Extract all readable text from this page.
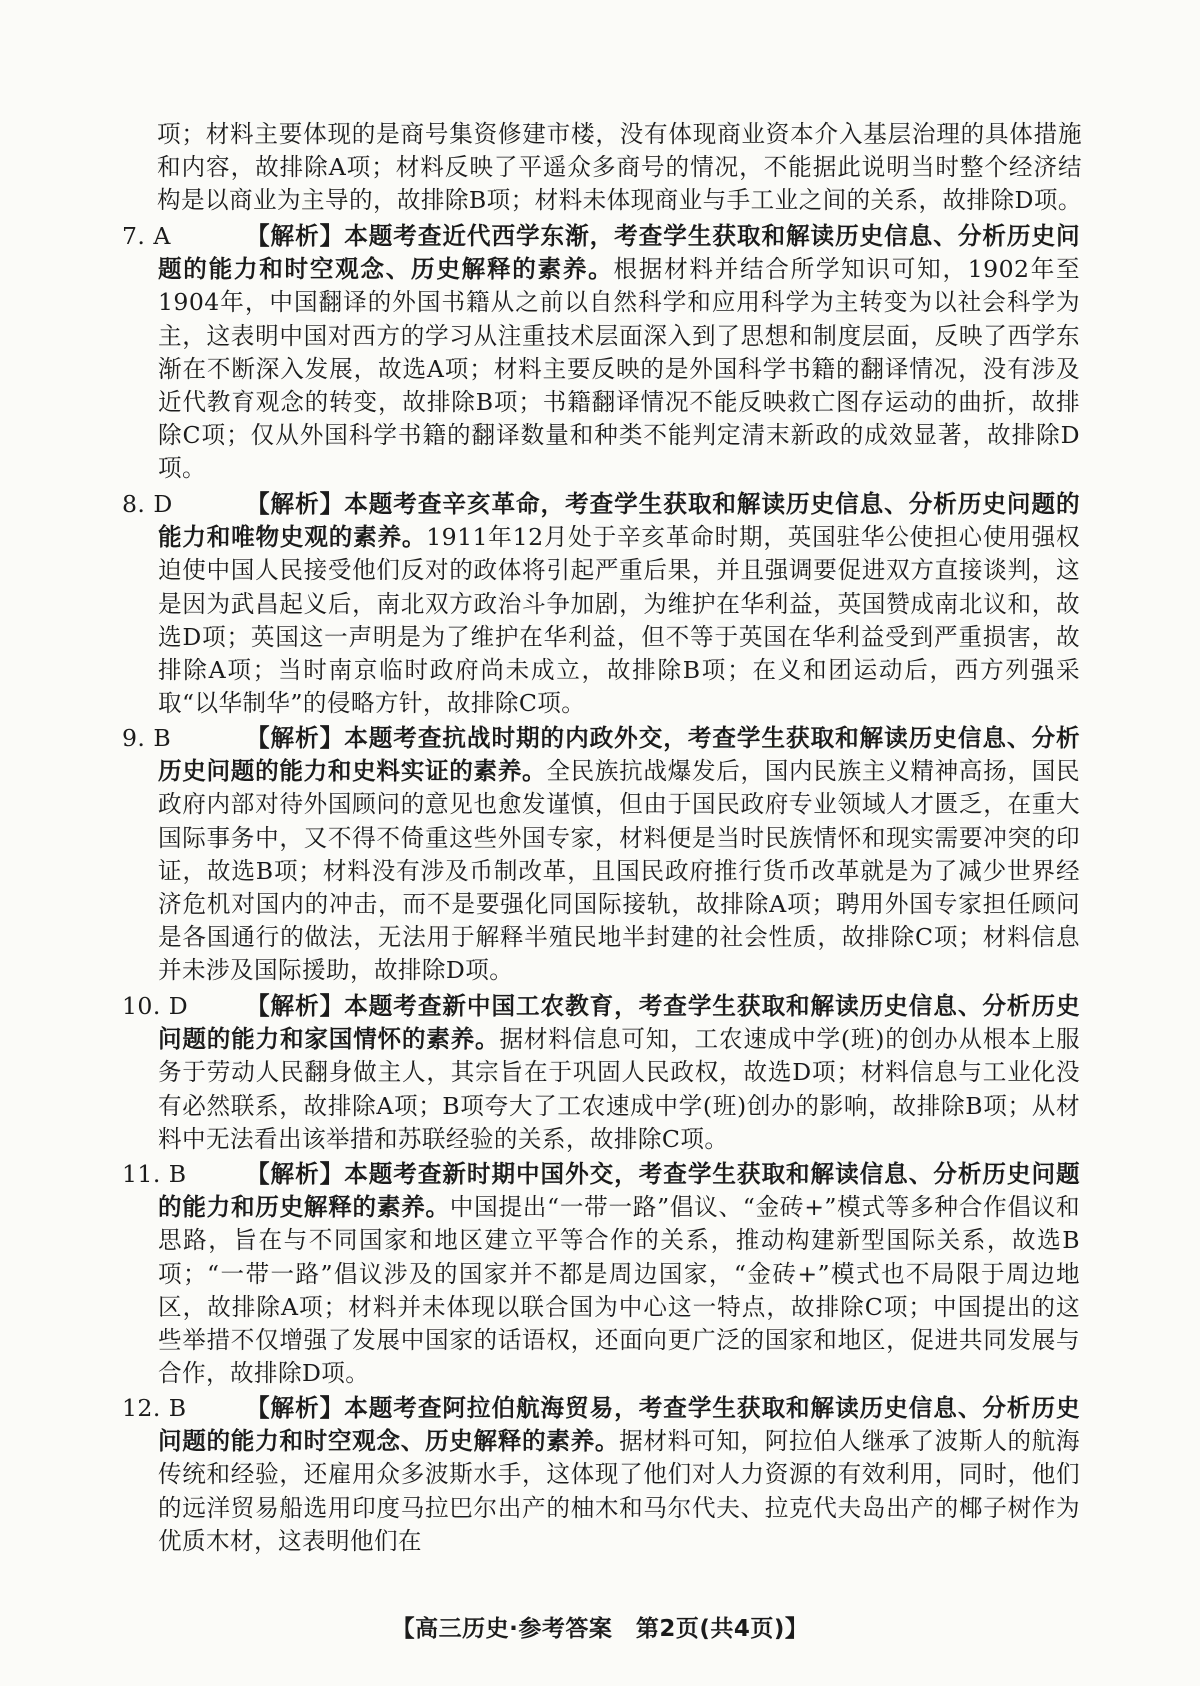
项；材料主要体现的是商号集资修建市楼，没有体现商业资本介入基层治理的具体措施和内容，故排除A项；材料反映了平遥众多商号的情况，不能据此说明当时整个经济结构是以商业为主导的，故排除B项；材料未体现商业与手工业之间的关系，故排除D项。
7. A	【解析】本题考查近代西学东渐，考查学生获取和解读历史信息、分析历史问题的能力和时空观念、历史解释的素养。根据材料并结合所学知识可知，1902年至1904年，中国翻译的外国书籍从之前以自然科学和应用科学为主转变为以社会科学为主，这表明中国对西方的学习从注重技术层面深入到了思想和制度层面，反映了西学东渐在不断深入发展，故选A项；材料主要反映的是外国科学书籍的翻译情况，没有涉及近代教育观念的转变，故排除B项；书籍翻译情况不能反映救亡图存运动的曲折，故排除C项；仅从外国科学书籍的翻译数量和种类不能判定清末新政的成效显著，故排除D项。
8. D	【解析】本题考查辛亥革命，考查学生获取和解读历史信息、分析历史问题的能力和唯物史观的素养。1911年12月处于辛亥革命时期，英国驻华公使担心使用强权迫使中国人民接受他们反对的政体将引起严重后果，并且强调要促进双方直接谈判，这是因为武昌起义后，南北双方政治斗争加剧，为维护在华利益，英国赞成南北议和，故选D项；英国这一声明是为了维护在华利益，但不等于英国在华利益受到严重损害，故排除A项；当时南京临时政府尚未成立，故排除B项；在义和团运动后，西方列强采取“以华制华”的侵略方针，故排除C项。
9. B	【解析】本题考查抗战时期的内政外交，考查学生获取和解读历史信息、分析历史问题的能力和史料实证的素养。全民族抗战爆发后，国内民族主义精神高扬，国民政府内部对待外国顾问的意见也愈发谨慎，但由于国民政府专业领域人才匮乏，在重大国际事务中，又不得不倚重这些外国专家，材料便是当时民族情怀和现实需要冲突的印证，故选B项；材料没有涉及币制改革，且国民政府推行货币改革就是为了减少世界经济危机对国内的冲击，而不是要强化同国际接轨，故排除A项；聘用外国专家担任顾问是各国通行的做法，无法用于解释半殖民地半封建的社会性质，故排除C项；材料信息并未涉及国际援助，故排除D项。
10. D 【解析】本题考查新中国工农教育，考查学生获取和解读历史信息、分析历史问题的能力和家国情怀的素养。据材料信息可知，工农速成中学(班)的创办从根本上服务于劳动人民翻身做主人，其宗旨在于巩固人民政权，故选D项；材料信息与工业化没有必然联系，故排除A项；B项夸大了工农速成中学(班)创办的影响，故排除B项；从材料中无法看出该举措和苏联经验的关系，故排除C项。
【高三历史·参考答案　第2页(共4页)】
11. B	【解析】本题考查新时期中国外交，考查学生获取和解读信息、分析历史问题的能力和历史解释的素养。中国提出“一带一路”倡议、“金砖+”模式等多种合作倡议和思路，旨在与不同国家和地区建立平等合作的关系，推动构建新型国际关系，故选B项；“一带一路”倡议涉及的国家并不都是周边国家，“金砖+”模式也不局限于周边地区，故排除A项；材料并未体现以联合国为中心这一特点，故排除C项；中国提出的这些举措不仅增强了发展中国家的话语权，还面向更广泛的国家和地区，促进共同发展与合作，故排除D项。
12. B	【解析】本题考查阿拉伯航海贸易，考查学生获取和解读历史信息、分析历史问题的能力和时空观念、历史解释的素养。据材料可知，阿拉伯人继承了波斯人的航海传统和经验，还雇用众多波斯水手，这体现了他们对人力资源的有效利用，同时，他们的远洋贸易船选用印度马拉巴尔出产的柚木和马尔代夫、拉克代夫岛出产的椰子树作为优质木材，这表明他们在
